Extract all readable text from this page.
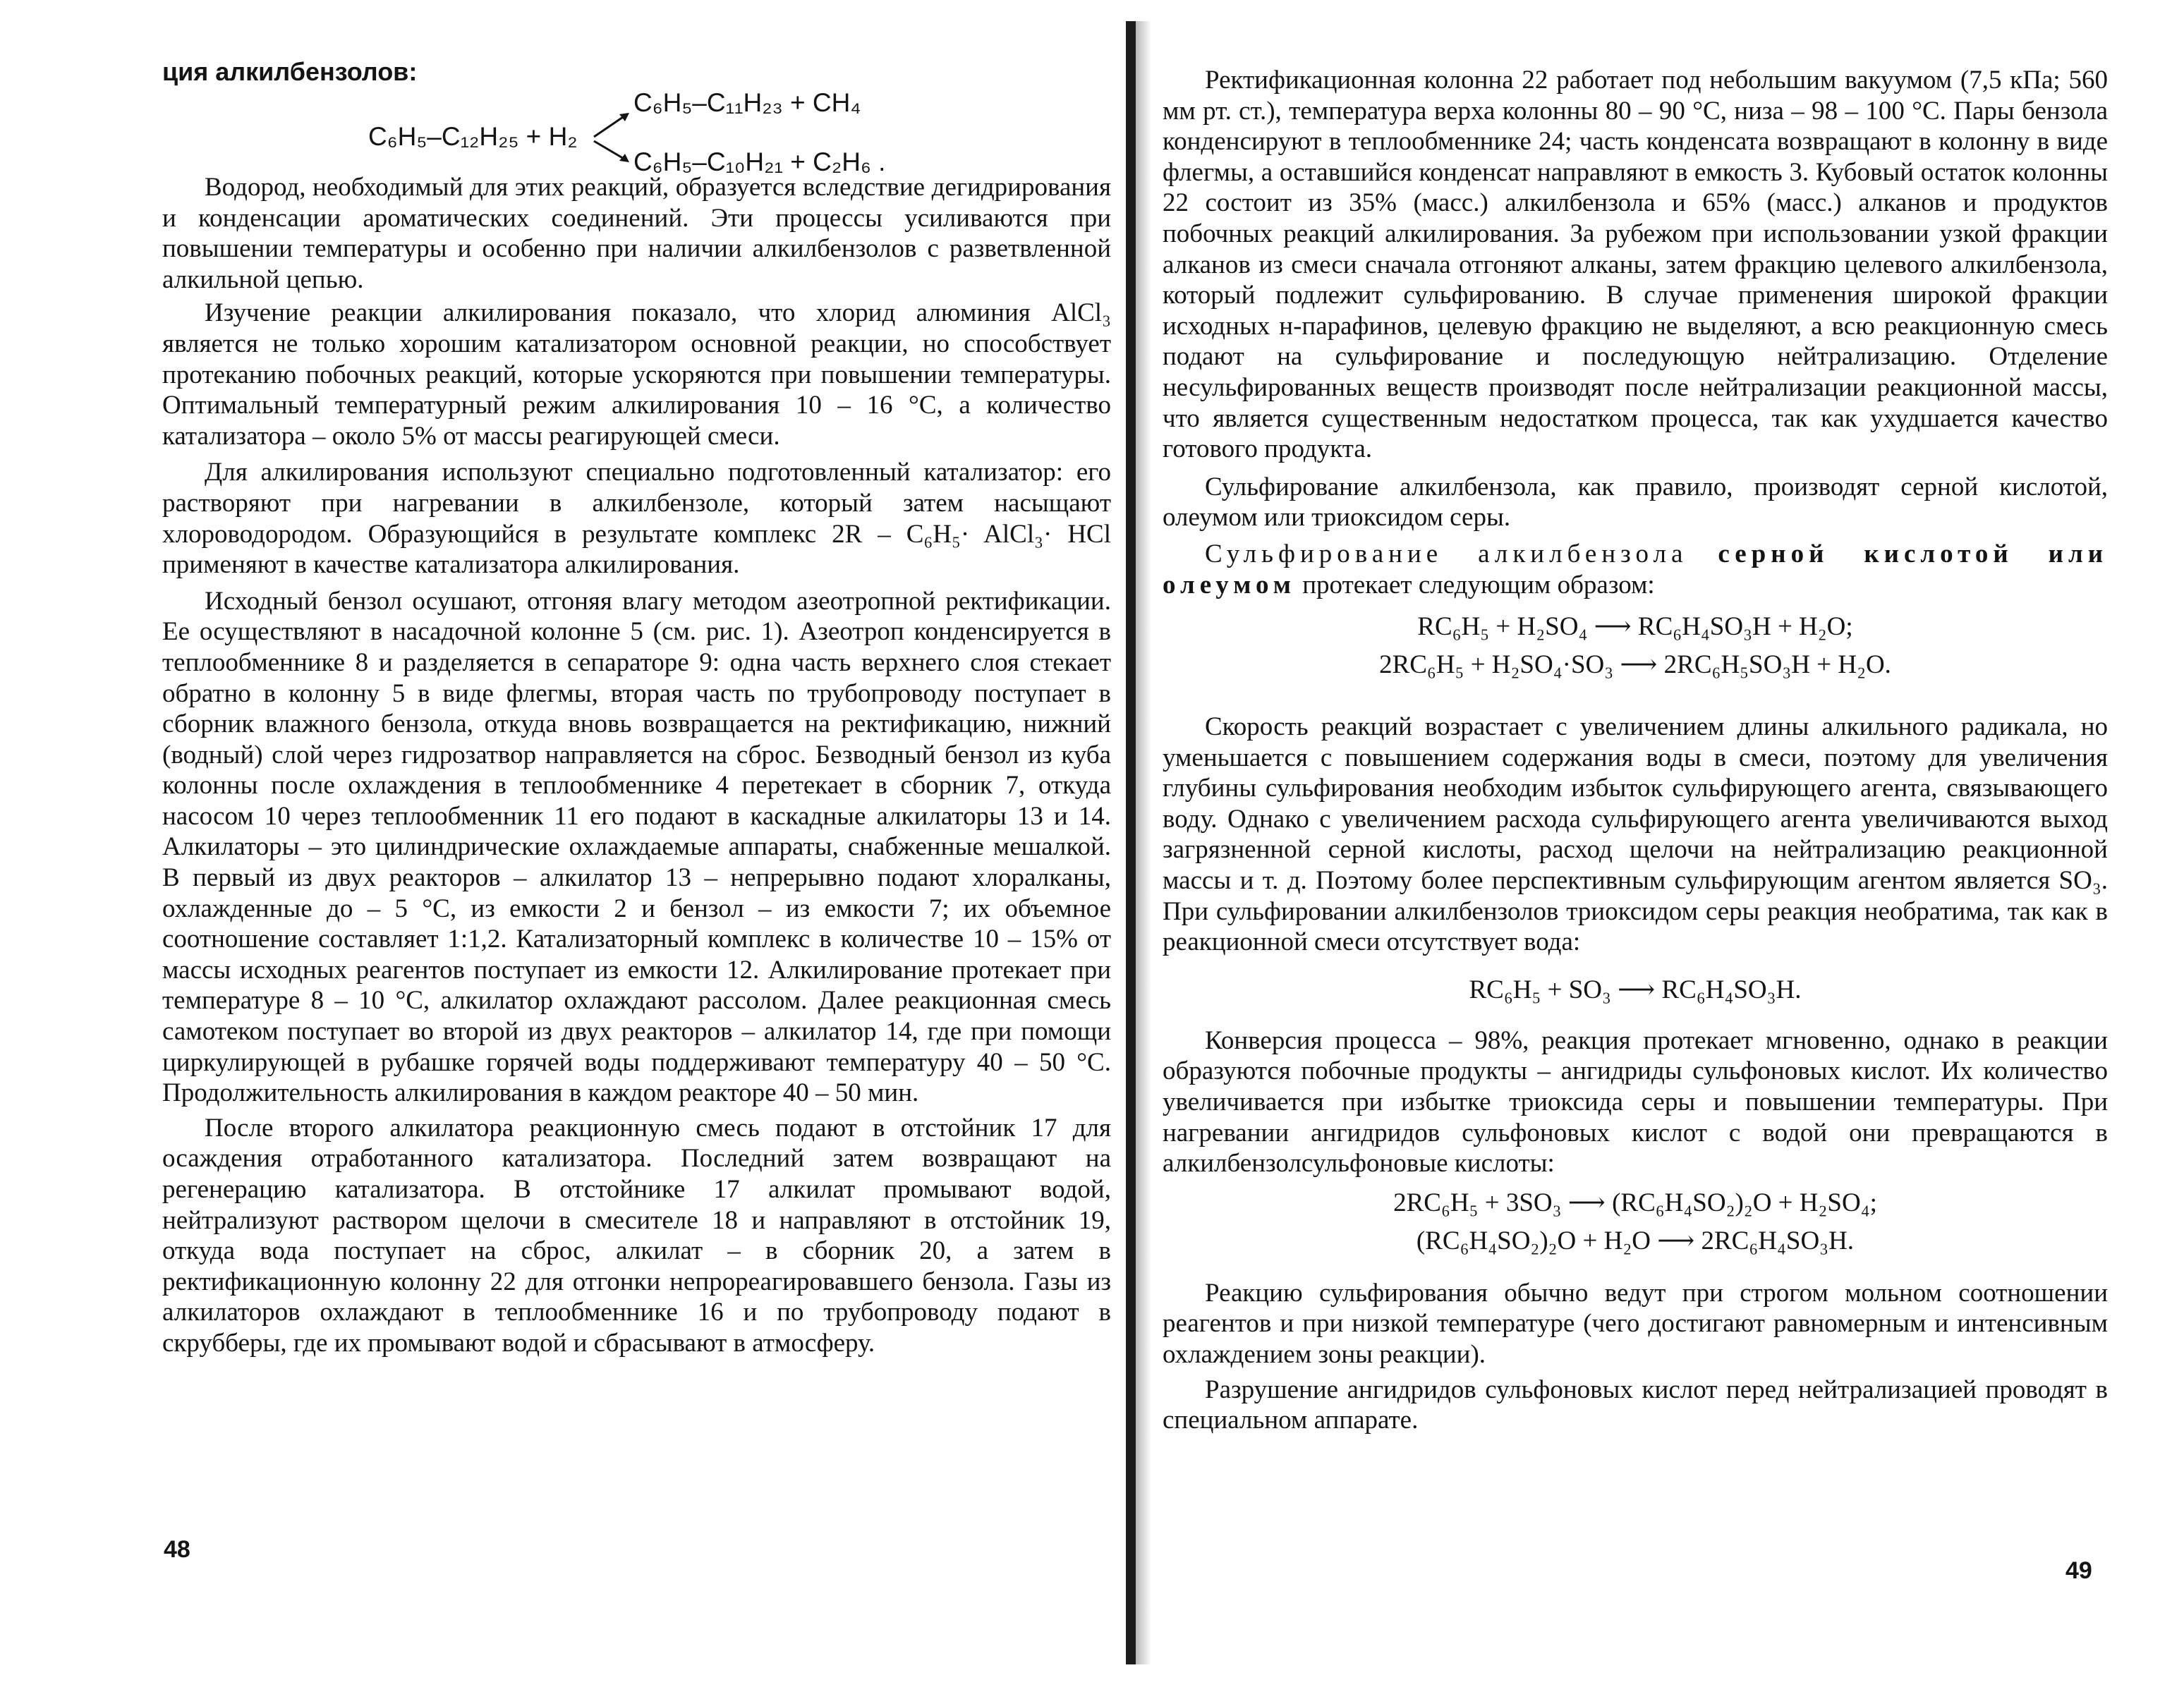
ция алкилбензолов:

C₆H₅–C₁₂H₂₅ + H₂
C₆H₅–C₁₁H₂₃ + CH₄
C₆H₅–C₁₀H₂₁ + C₂H₆ .

Водород, необходимый для этих реакций, образуется вследствие дегидрирования и конденсации ароматических соединений. Эти процессы усиливаются при повышении температуры и особенно при наличии алкилбензолов с разветвленной алкильной цепью.

Изучение реакции алкилирования показало, что хлорид алюминия AlCl₃ является не только хорошим катализатором основной реакции, но способствует протеканию побочных реакций, которые ускоряются при повышении температуры. Оптимальный температурный режим алкилирования 10 – 16 °С, а количество катализатора – около 5% от массы реагирующей смеси.

Для алкилирования используют специально подготовленный катализатор: его растворяют при нагревании в алкилбензоле, который затем насыщают хлороводородом. Образующийся в результате комплекс 2R – C₆H₅· AlCl₃· HCl применяют в качестве катализатора алкилирования.

Исходный бензол осушают, отгоняя влагу методом азеотропной ректификации. Ее осуществляют в насадочной колонне 5 (см. рис. 1). Азеотроп конденсируется в теплообменнике 8 и разделяется в сепараторе 9: одна часть верхнего слоя стекает обратно в колонну 5 в виде флегмы, вторая часть по трубопроводу поступает в сборник влажного бензола, откуда вновь возвращается на ректификацию, нижний (водный) слой через гидрозатвор направляется на сброс. Безводный бензол из куба колонны после охлаждения в теплообменнике 4 перетекает в сборник 7, откуда насосом 10 через теплообменник 11 его подают в каскадные алкилаторы 13 и 14. Алкилаторы – это цилиндрические охлаждаемые аппараты, снабженные мешалкой. В первый из двух реакторов – алкилатор 13 – непрерывно подают хлоралканы, охлажденные до – 5 °С, из емкости 2 и бензол – из емкости 7; их объемное соотношение составляет 1:1,2. Катализаторный комплекс в количестве 10 – 15% от массы исходных реагентов поступает из емкости 12. Алкилирование протекает при температуре 8 – 10 °С, алкилатор охлаждают рассолом. Далее реакционная смесь самотеком поступает во второй из двух реакторов – алкилатор 14, где при помощи циркулирующей в рубашке горячей воды поддерживают температуру 40 – 50 °С. Продолжительность алкилирования в каждом реакторе 40 – 50 мин.

После второго алкилатора реакционную смесь подают в отстойник 17 для осаждения отработанного катализатора. Последний затем возвращают на регенерацию катализатора. В отстойнике 17 алкилат промывают водой, нейтрализуют раствором щелочи в смесителе 18 и направляют в отстойник 19, откуда вода поступает на сброс, алкилат – в сборник 20, а затем в ректификационную колонну 22 для отгонки непрореагировавшего бензола. Газы из алкилаторов охлаждают в теплообменнике 16 и по трубопроводу подают в скрубберы, где их промывают водой и сбрасывают в атмосферу.

48

Ректификационная колонна 22 работает под небольшим вакуумом (7,5 кПа; 560 мм рт. ст.), температура верха колонны 80 – 90 °С, низа – 98 – 100 °С. Пары бензола конденсируют в теплообменнике 24; часть конденсата возвращают в колонну в виде флегмы, а оставшийся конденсат направляют в емкость 3. Кубовый остаток колонны 22 состоит из 35% (масс.) алкилбензола и 65% (масс.) алканов и продуктов побочных реакций алкилирования. За рубежом при использовании узкой фракции алканов из смеси сначала отгоняют алканы, затем фракцию целевого алкилбензола, который подлежит сульфированию. В случае применения широкой фракции исходных н-парафинов, целевую фракцию не выделяют, а всю реакционную смесь подают на сульфирование и последующую нейтрализацию. Отделение несульфированных веществ производят после нейтрализации реакционной массы, что является существенным недостатком процесса, так как ухудшается качество готового продукта.

Сульфирование алкилбензола, как правило, производят серной кислотой, олеумом или триоксидом серы.

Сульфирование алкилбензола серной кислотой или олеумом протекает следующим образом:

RC₆H₅ + H₂SO₄ ⟶ RC₆H₄SO₃H + H₂O;
2RC₆H₅ + H₂SO₄·SO₃ ⟶ 2RC₆H₅SO₃H + H₂O.

Скорость реакций возрастает с увеличением длины алкильного радикала, но уменьшается с повышением содержания воды в смеси, поэтому для увеличения глубины сульфирования необходим избыток сульфирующего агента, связывающего воду. Однако с увеличением расхода сульфирующего агента увеличиваются выход загрязненной серной кислоты, расход щелочи на нейтрализацию реакционной массы и т. д. Поэтому более перспективным сульфирующим агентом является SO₃. При сульфировании алкилбензолов триоксидом серы реакция необратима, так как в реакционной смеси отсутствует вода:

RC₆H₅ + SO₃ ⟶ RC₆H₄SO₃H.

Конверсия процесса – 98%, реакция протекает мгновенно, однако в реакции образуются побочные продукты – ангидриды сульфоновых кислот. Их количество увеличивается при избытке триоксида серы и повышении температуры. При нагревании ангидридов сульфоновых кислот с водой они превращаются в алкилбензолсульфоновые кислоты:

2RC₆H₅ + 3SO₃ ⟶ (RC₆H₄SO₂)₂O + H₂SO₄;
(RC₆H₄SO₂)₂O + H₂O ⟶ 2RC₆H₄SO₃H.

Реакцию сульфирования обычно ведут при строгом мольном соотношении реагентов и при низкой температуре (чего достигают равномерным и интенсивным охлаждением зоны реакции).

Разрушение ангидридов сульфоновых кислот перед нейтрализацией проводят в специальном аппарате.

49
